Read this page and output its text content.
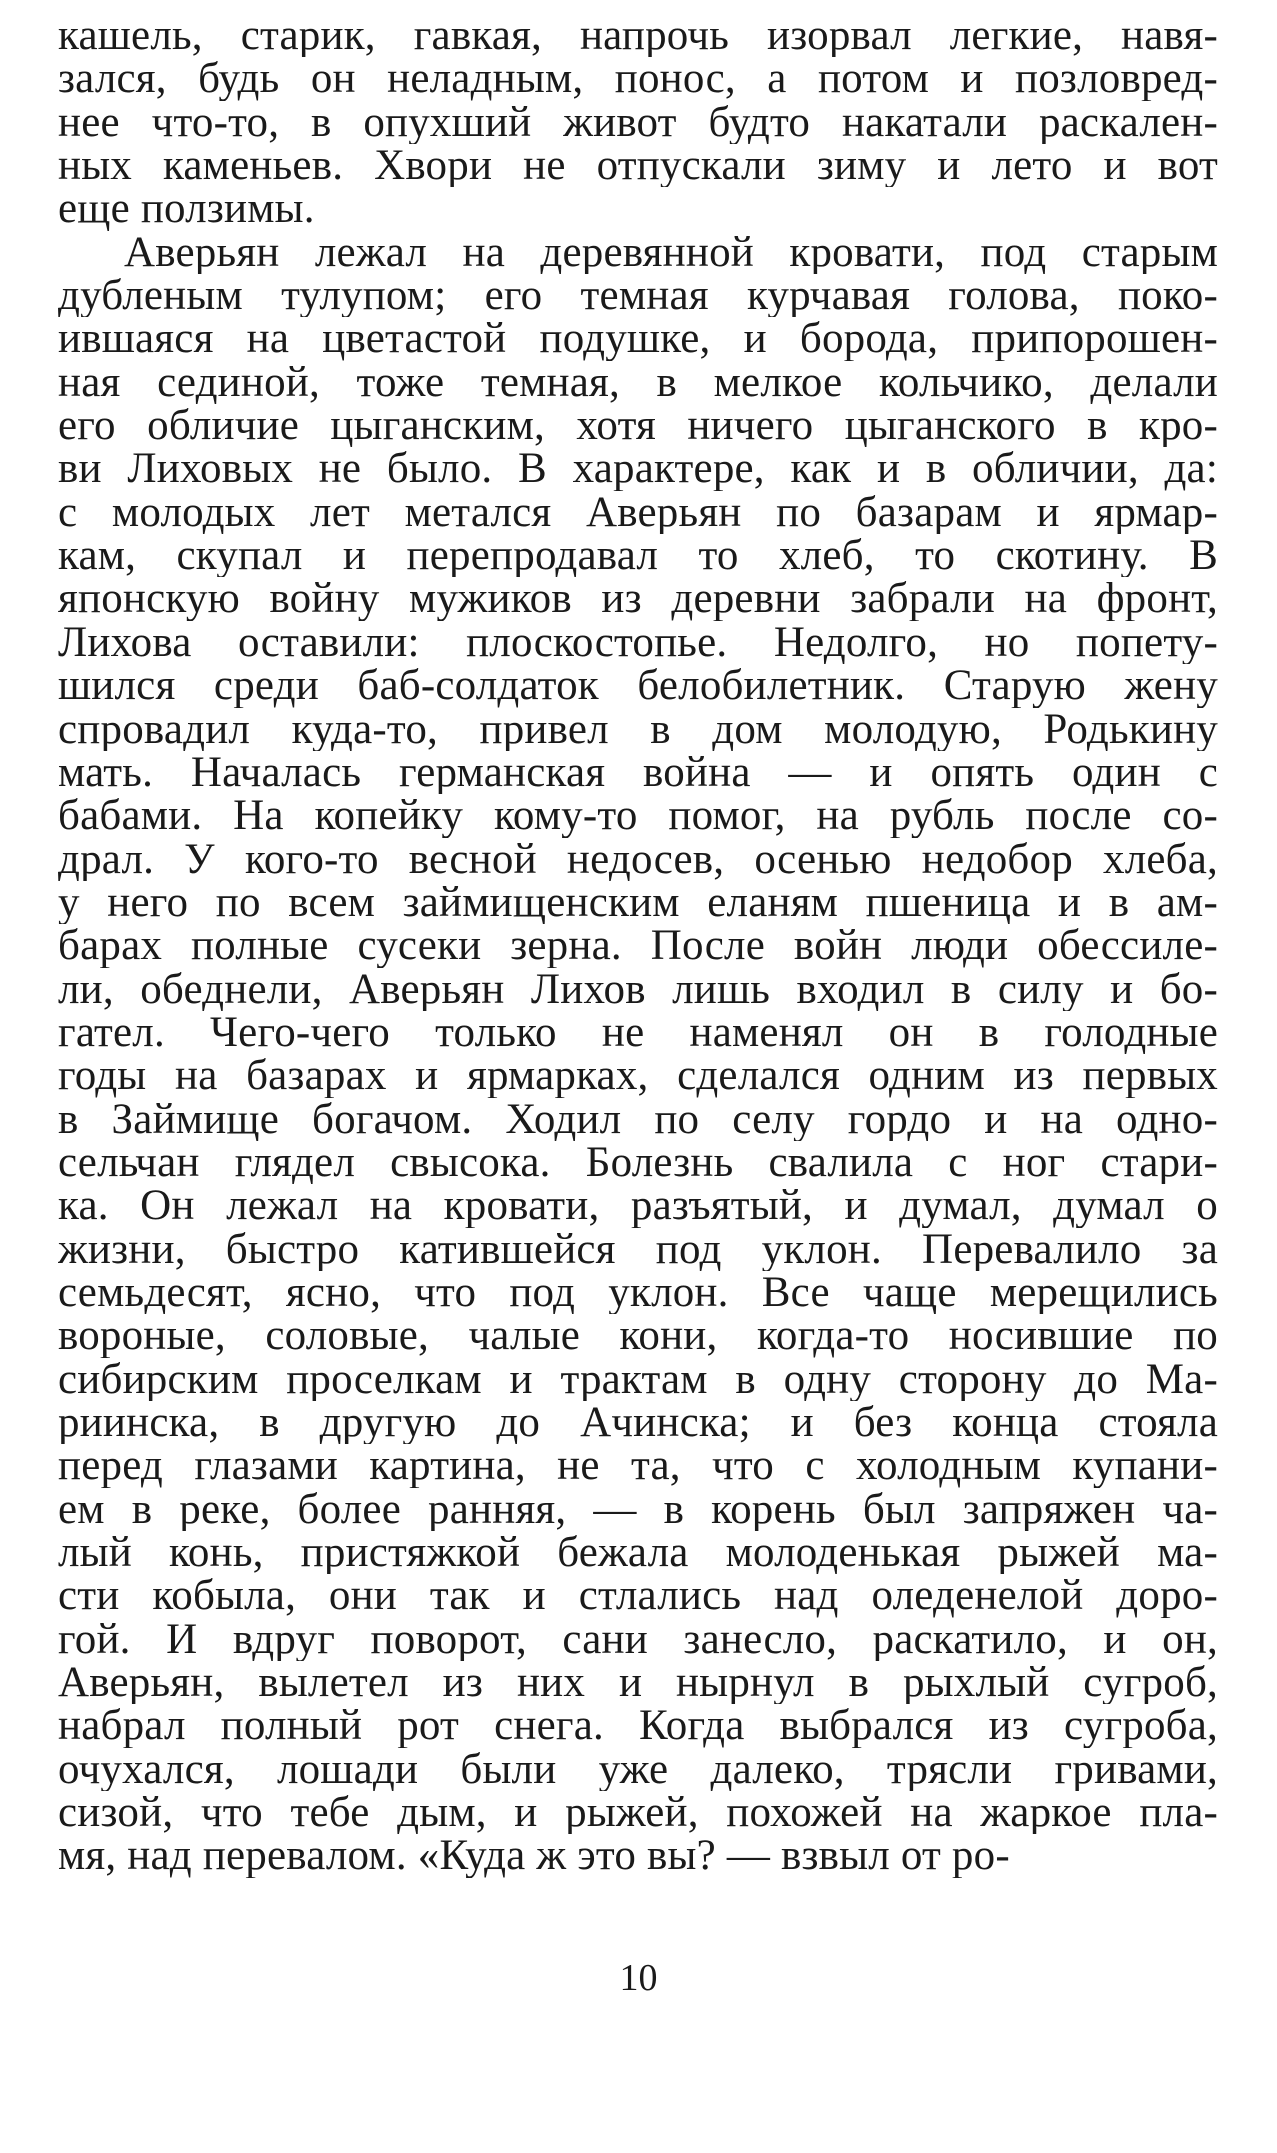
кашель, старик, гавкая, напрочь изорвал легкие, навя-
зался, будь он неладным, понос, а потом и позловред-
нее что-то, в опухший живот будто накатали раскален-
ных каменьев. Хвори не отпускали зиму и лето и вот
еще ползимы.
Аверьян лежал на деревянной кровати, под старым
дубленым тулупом; его темная курчавая голова, поко-
ившаяся на цветастой подушке, и борода, припорошен-
ная сединой, тоже темная, в мелкое кольчико, делали
его обличие цыганским, хотя ничего цыганского в кро-
ви Лиховых не было. В характере, как и в обличии, да:
с молодых лет метался Аверьян по базарам и ярмар-
кам, скупал и перепродавал то хлеб, то скотину. В
японскую войну мужиков из деревни забрали на фронт,
Лихова оставили: плоскостопье. Недолго, но попету-
шился среди баб-солдаток белобилетник. Старую жену
спровадил куда-то, привел в дом молодую, Родькину
мать. Началась германская война — и опять один с
бабами. На копейку кому-то помог, на рубль после со-
драл. У кого-то весной недосев, осенью недобор хлеба,
у него по всем займищенским еланям пшеница и в ам-
барах полные сусеки зерна. После войн люди обессиле-
ли, обеднели, Аверьян Лихов лишь входил в силу и бо-
гател. Чего-чего только не наменял он в голодные
годы на базарах и ярмарках, сделался одним из первых
в Займище богачом. Ходил по селу гордо и на одно-
сельчан глядел свысока. Болезнь свалила с ног стари-
ка. Он лежал на кровати, разъятый, и думал, думал о
жизни, быстро катившейся под уклон. Перевалило за
семьдесят, ясно, что под уклон. Все чаще мерещились
вороные, соловые, чалые кони, когда-то носившие по
сибирским проселкам и трактам в одну сторону до Ма-
риинска, в другую до Ачинска; и без конца стояла
перед глазами картина, не та, что с холодным купани-
ем в реке, более ранняя, — в корень был запряжен ча-
лый конь, пристяжкой бежала молоденькая рыжей ма-
сти кобыла, они так и стлались над оледенелой доро-
гой. И вдруг поворот, сани занесло, раскатило, и он,
Аверьян, вылетел из них и нырнул в рыхлый сугроб,
набрал полный рот снега. Когда выбрался из сугроба,
очухался, лошади были уже далеко, трясли гривами,
сизой, что тебе дым, и рыжей, похожей на жаркое пла-
мя, над перевалом. «Куда ж это вы? — взвыл от ро-
10
